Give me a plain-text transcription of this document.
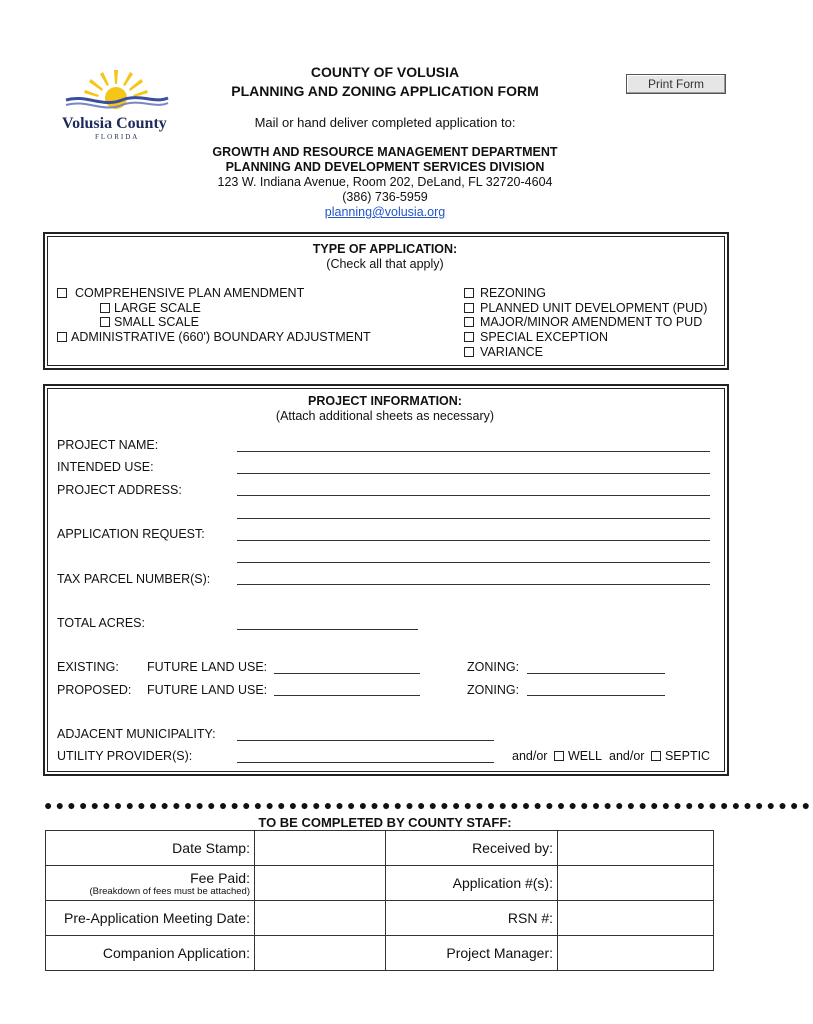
Volusia County
FLORIDA
COUNTY OF VOLUSIA
PLANNING AND ZONING APPLICATION FORM	Print Form
Mail or hand deliver completed application to:
GROWTH AND RESOURCE MANAGEMENT DEPARTMENT
PLANNING AND DEVELOPMENT SERVICES DIVISION
123 W. Indiana Avenue, Room 202, DeLand, FL 32720-4604
(386) 736-5959
planning@volusia.org
TYPE OF APPLICATION:
(Check all that apply)
COMPREHENSIVE PLAN AMENDMENT
LARGE SCALE
SMALL SCALE
ADMINISTRATIVE (660') BOUNDARY ADJUSTMENT
REZONING
PLANNED UNIT DEVELOPMENT (PUD)
MAJOR/MINOR AMENDMENT TO PUD
SPECIAL EXCEPTION
VARIANCE
PROJECT INFORMATION:
(Attach additional sheets as necessary)
PROJECT NAME:
INTENDED USE:
PROJECT ADDRESS:
APPLICATION REQUEST:
TAX PARCEL NUMBER(S):
TOTAL ACRES:
EXISTING: FUTURE LAND USE:	ZONING:
PROPOSED: FUTURE LAND USE:	ZONING:
ADJACENT MUNICIPALITY:
UTILITY PROVIDER(S):	and/or WELL and/or SEPTIC
●●●●●●●●●●●●●●●●●●●●●●●●●●●●●●●●●●●●●●●●●●●●●●●●●●●●●●●●●●●●●●●●●●
TO BE COMPLETED BY COUNTY STAFF:
Date Stamp:		Received by:	

Fee Paid:
(Breakdown of fees must be attached)		Application #(s):	
Pre-Application Meeting Date:		RSN #:	
Companion Application:		Project Manager:	
